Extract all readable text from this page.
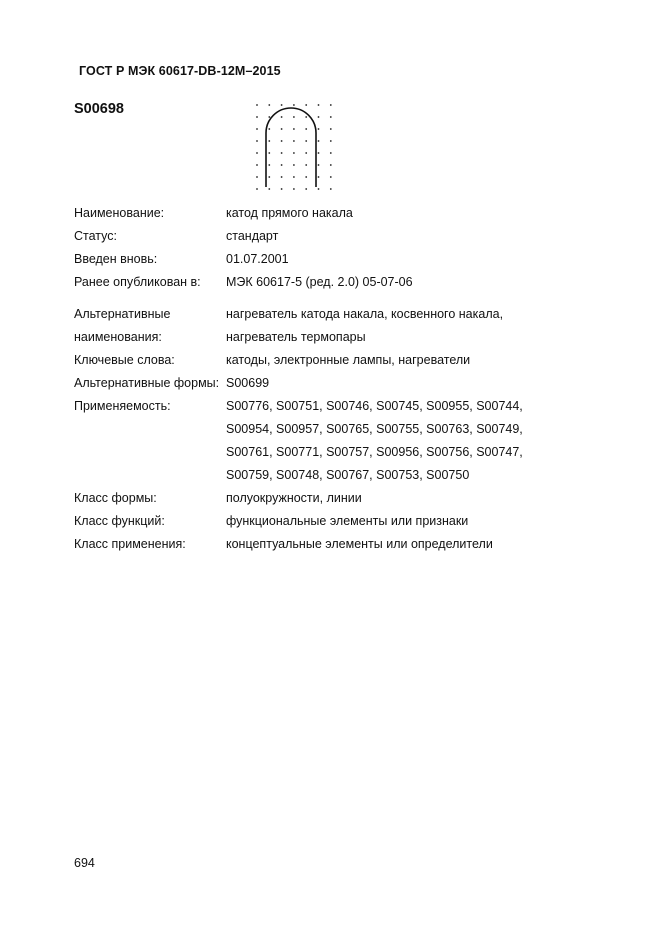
ГОСТ Р МЭК 60617-DB-12M–2015
S00698
Наименование:	катод прямого накала
Статус:	стандарт
Введен вновь:	01.07.2001
Ранее опубликован в:	МЭК 60617-5 (ред. 2.0) 05-07-06
Альтернативные наименования:
нагреватель катода накала, косвенного накала,
нагреватель термопары
Ключевые слова:	катоды, электронные лампы, нагреватели
Альтернативные формы: S00699
Применяемость:	S00776, S00751, S00746, S00745, S00955, S00744,
S00954, S00957, S00765, S00755, S00763, S00749,
S00761, S00771, S00757, S00956, S00756, S00747,
S00759, S00748, S00767, S00753, S00750
Класс формы:	полуокружности, линии
Класс функций:	функциональные элементы или признаки
Класс применения:	концептуальные элементы или определители
694
